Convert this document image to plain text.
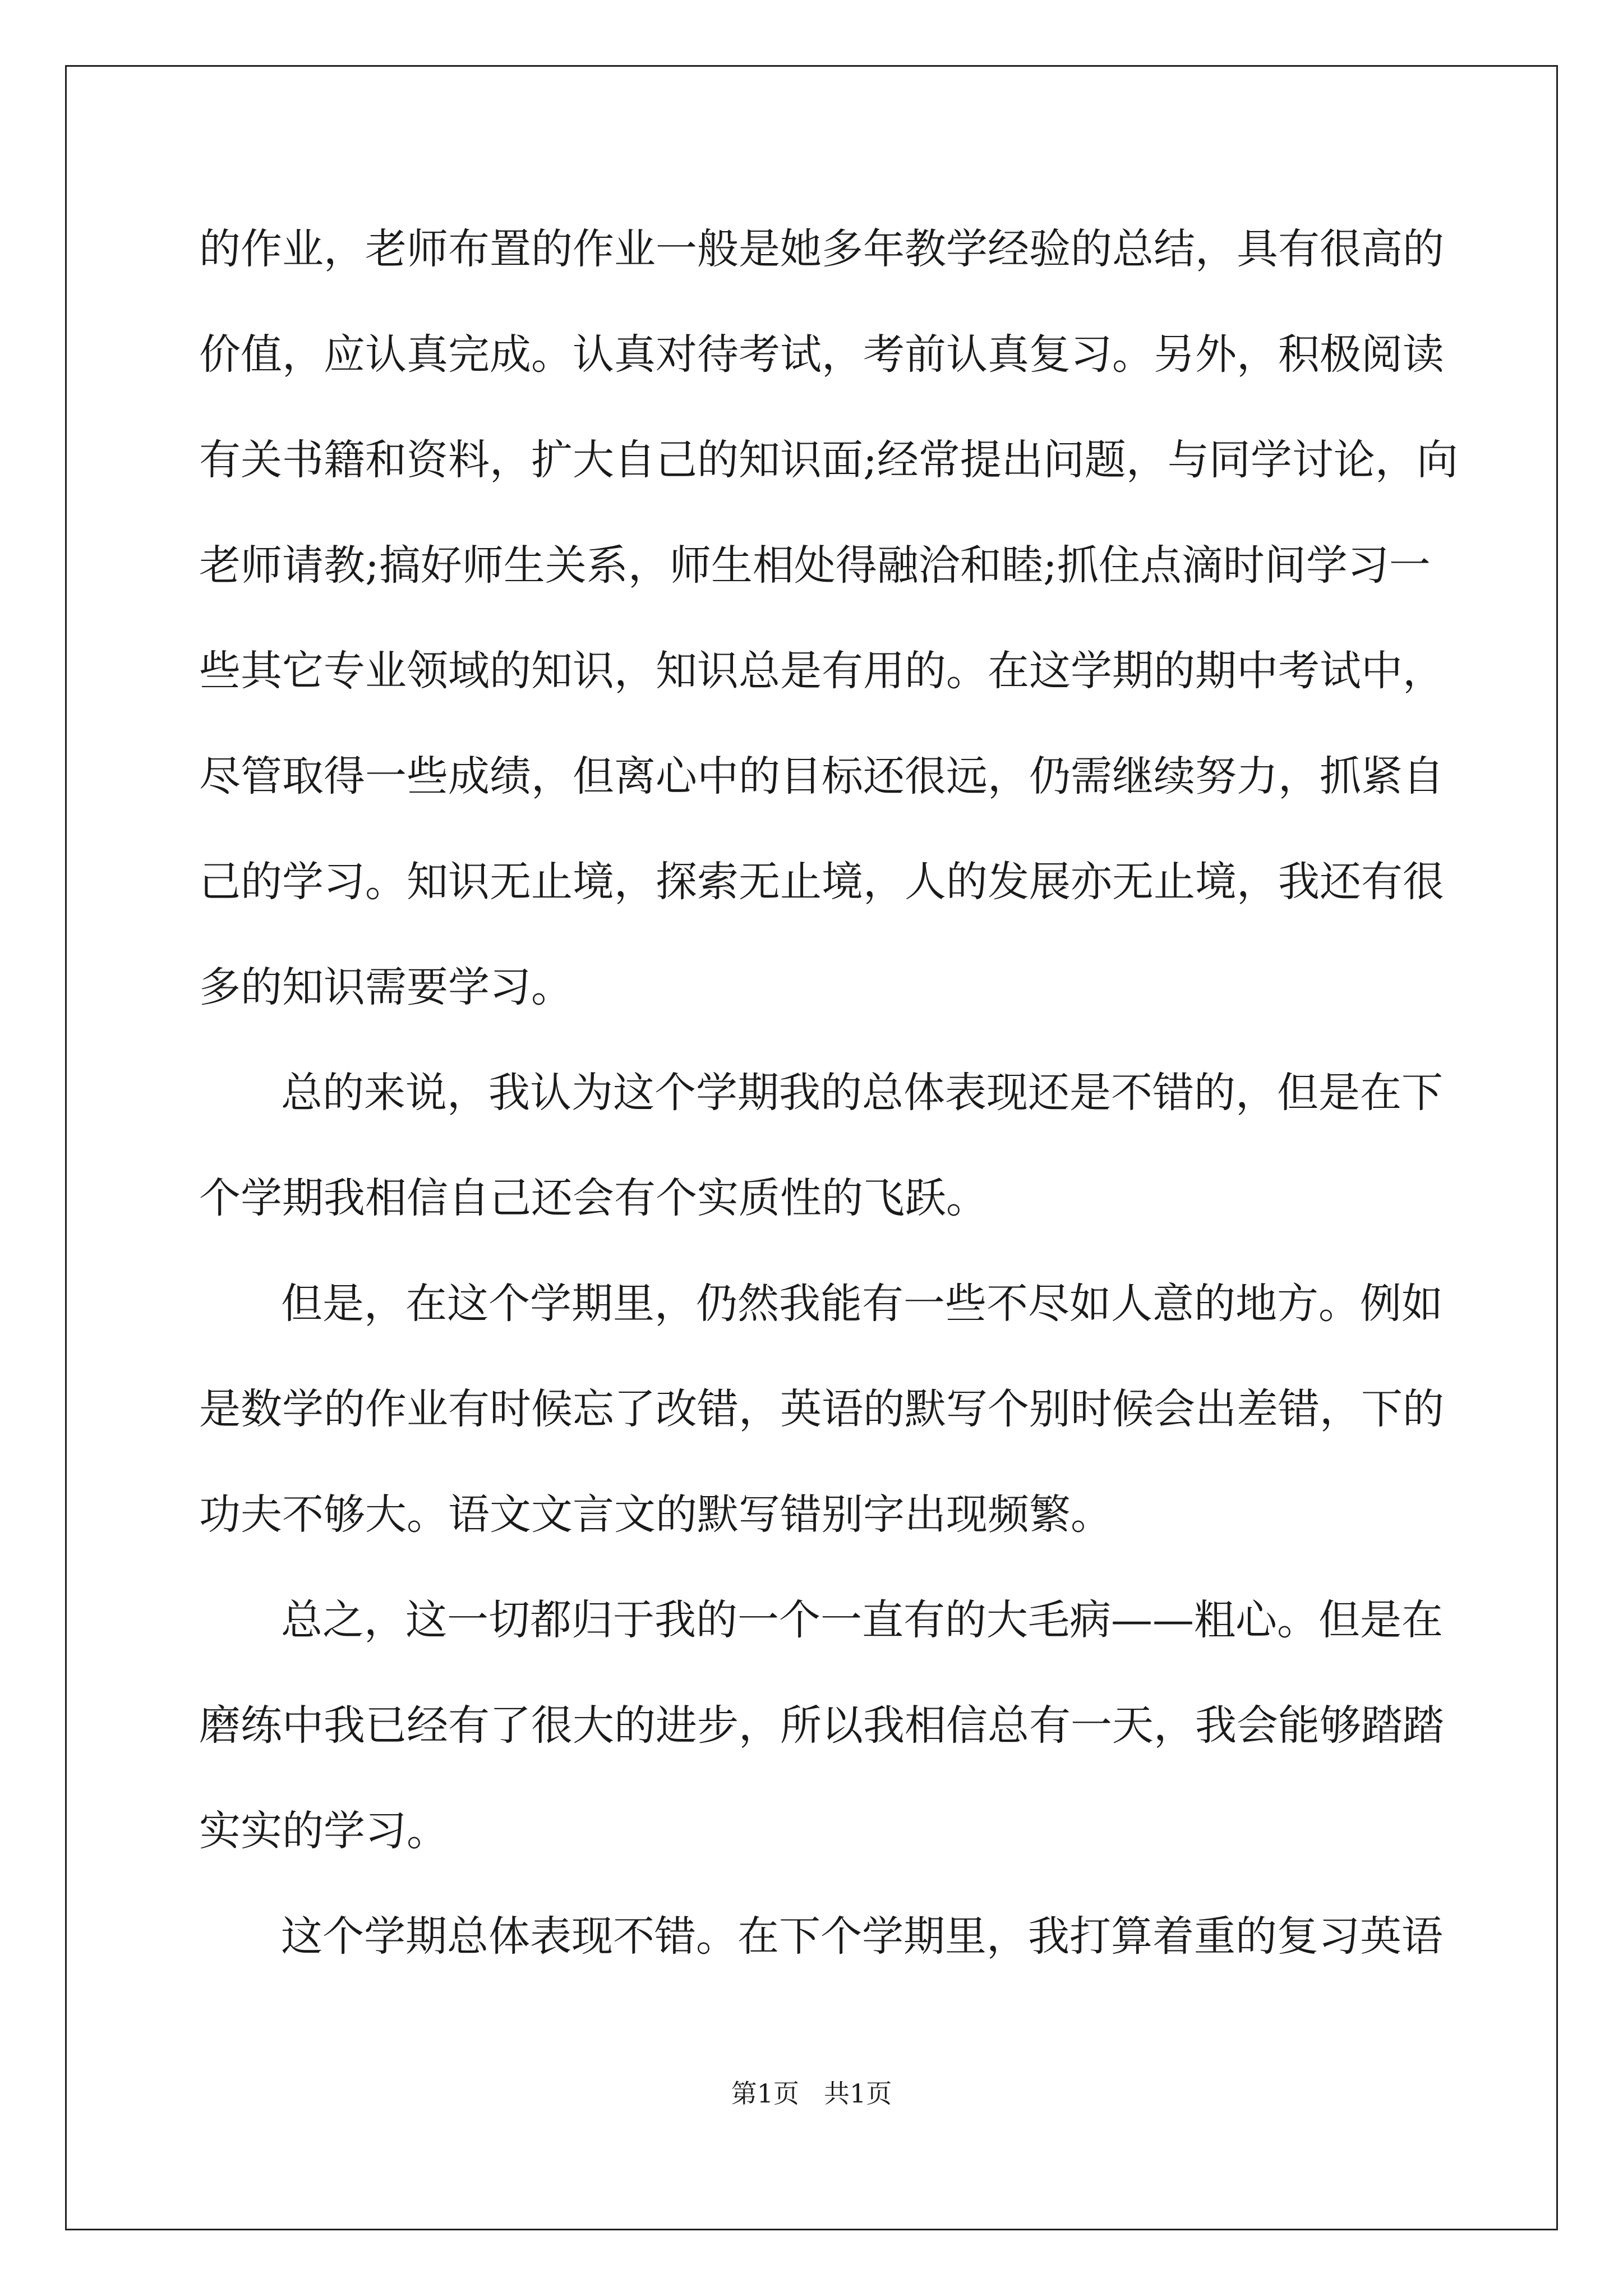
的作业，老师布置的作业一般是她多年教学经验的总结，具有很高的
价值，应认真完成。认真对待考试，考前认真复习。另外，积极阅读
有关书籍和资料，扩大自己的知识面;经常提出问题，与同学讨论，向
老师请教;搞好师生关系，师生相处得融洽和睦;抓住点滴时间学习一
些其它专业领域的知识，知识总是有用的。在这学期的期中考试中，
尽管取得一些成绩，但离心中的目标还很远，仍需继续努力，抓紧自
己的学习。知识无止境，探索无止境，人的发展亦无止境，我还有很
多的知识需要学习。
总的来说，我认为这个学期我的总体表现还是不错的，但是在下
个学期我相信自己还会有个实质性的飞跃。
但是，在这个学期里，仍然我能有一些不尽如人意的地方。例如
是数学的作业有时候忘了改错，英语的默写个别时候会出差错，下的
功夫不够大。语文文言文的默写错别字出现频繁。
总之，这一切都归于我的一个一直有的大毛病——粗心。但是在
磨练中我已经有了很大的进步，所以我相信总有一天，我会能够踏踏
实实的学习。
这个学期总体表现不错。在下个学期里，我打算着重的复习英语
第1页 共1页
